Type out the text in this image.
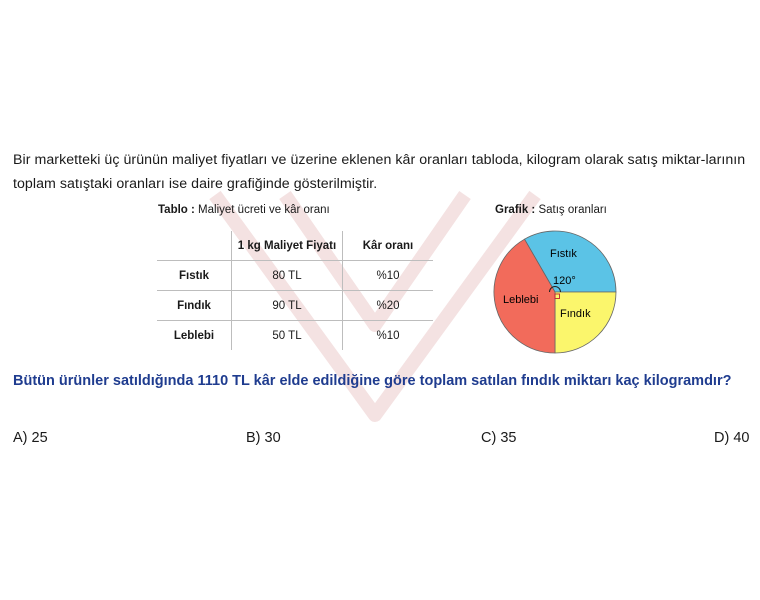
Bir marketteki üç ürünün maliyet fiyatları ve üzerine eklenen kâr oranları tabloda, kilogram olarak satış miktar-larının toplam satıştaki oranları ise daire grafiğinde gösterilmiştir.
Tablo : Maliyet ücreti ve kâr oranı	Grafik : Satış oranları
	1 kg Maliyet Fiyatı	Kâr oranı
Fıstık	80 TL	%10
Fındık	90 TL	%20
Leblebi	50 TL	%10
Fıstık
Fındık
Leblebi
120°
Bütün ürünler satıldığında 1110 TL kâr elde edildiğine göre toplam satılan fındık miktarı kaç kilogramdır?
A) 25	B) 30	C) 35	D) 40
